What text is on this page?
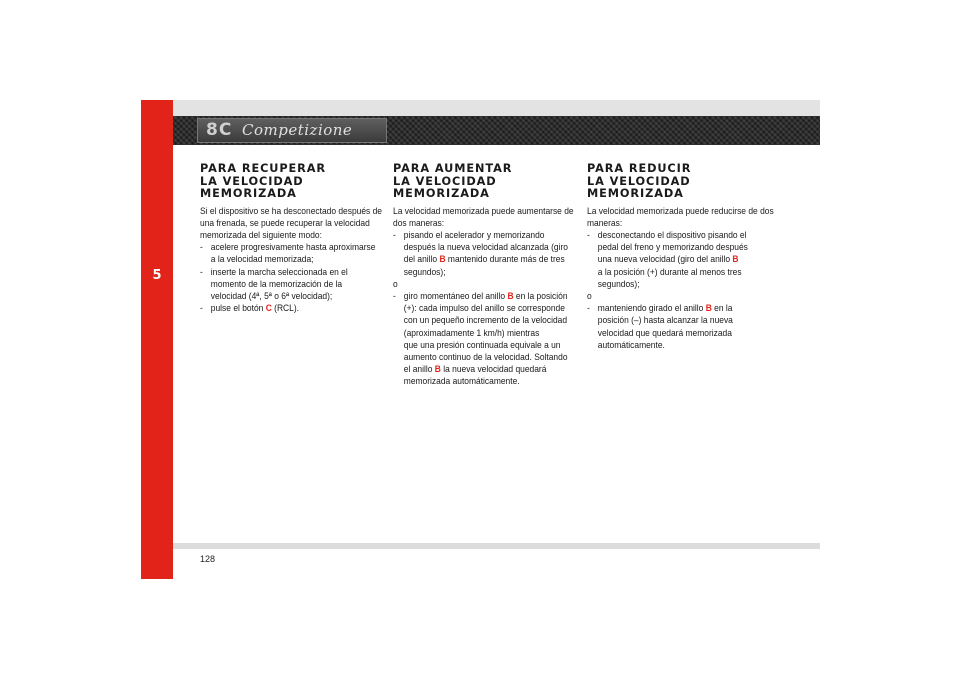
5
8C Competizione
PARA RECUPERAR
LA VELOCIDAD
MEMORIZADA
Si el dispositivo se ha desconectado después de
una frenada, se puede recuperar la velocidad
memorizada del siguiente modo:
- acelere progresivamente hasta aproximarse
a la velocidad memorizada;
- inserte la marcha seleccionada en el
momento de la memorización de la
velocidad (4ª, 5ª o 6ª velocidad);
- pulse el botón C (RCL).
PARA AUMENTAR
LA VELOCIDAD
MEMORIZADA
La velocidad memorizada puede aumentarse de
dos maneras:
- pisando el acelerador y memorizando
después la nueva velocidad alcanzada (giro
del anillo B mantenido durante más de tres
segundos);
o
- giro momentáneo del anillo B en la posición
(+): cada impulso del anillo se corresponde
con un pequeño incremento de la velocidad
(aproximadamente 1 km/h) mientras
que una presión continuada equivale a un
aumento continuo de la velocidad. Soltando
el anillo B la nueva velocidad quedará
memorizada automáticamente.
PARA REDUCIR
LA VELOCIDAD
MEMORIZADA
La velocidad memorizada puede reducirse de dos
maneras:
- desconectando el dispositivo pisando el
pedal del freno y memorizando después
una nueva velocidad (giro del anillo B
a la posición (+) durante al menos tres
segundos);
o
- manteniendo girado el anillo B en la
posición (–) hasta alcanzar la nueva
velocidad que quedará memorizada
automáticamente.
128
